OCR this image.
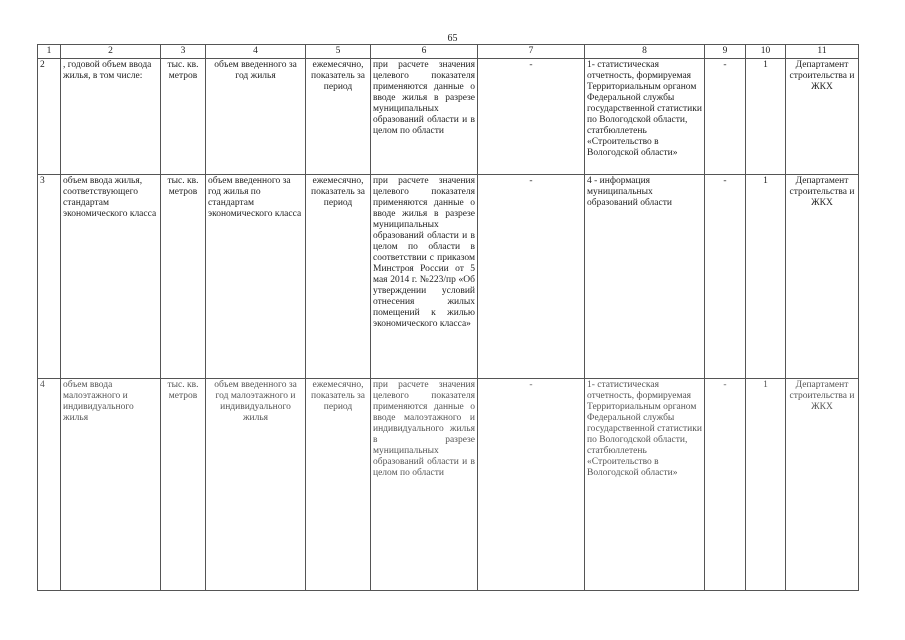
65
1	2	3	4	5	6	7	8	9	10	11
2	, годовой объем ввода жилья, в том числе:	тыс. кв. метров	объем введенного за год жилья	ежемесячно, показатель за период	при расчете значения целевого показателя применяются данные о вводе жилья в разрезе муниципальных образований области и в целом по области	-	1- статистическая отчетность, формируемая Территориальным органом Федеральной службы государственной статистики по Вологодской области, статбюллетень «Строительство в Вологодской области»	-	1	Департамент строительства и ЖКХ
3	объем ввода жилья, соответствующего стандартам экономического класса	тыс. кв. метров	объем введенного за год жилья по стандартам экономического класса	ежемесячно, показатель за период	при расчете значения целевого показателя применяются данные о вводе жилья в разрезе муниципальных образований области и в целом по области в соответствии с приказом Минстроя России от 5 мая 2014 г. №223/пр «Об утверждении условий отнесения жилых помещений к жилью экономического класса»	-	4 - информация муниципальных образований области	-	1	Департамент строительства и ЖКХ
4	объем ввода малоэтажного и индивидуального жилья	тыс. кв. метров	объем введенного за год малоэтажного и индивидуального жилья	ежемесячно, показатель за период	при расчете значения целевого показателя применяются данные о вводе малоэтажного и индивидуального жилья в разрезе муниципальных образований области и в целом по области	-	1- статистическая отчетность, формируемая Территориальным органом Федеральной службы государственной статистики по Вологодской области, статбюллетень «Строительство в Вологодской области»	-	1	Департамент строительства и ЖКХ
